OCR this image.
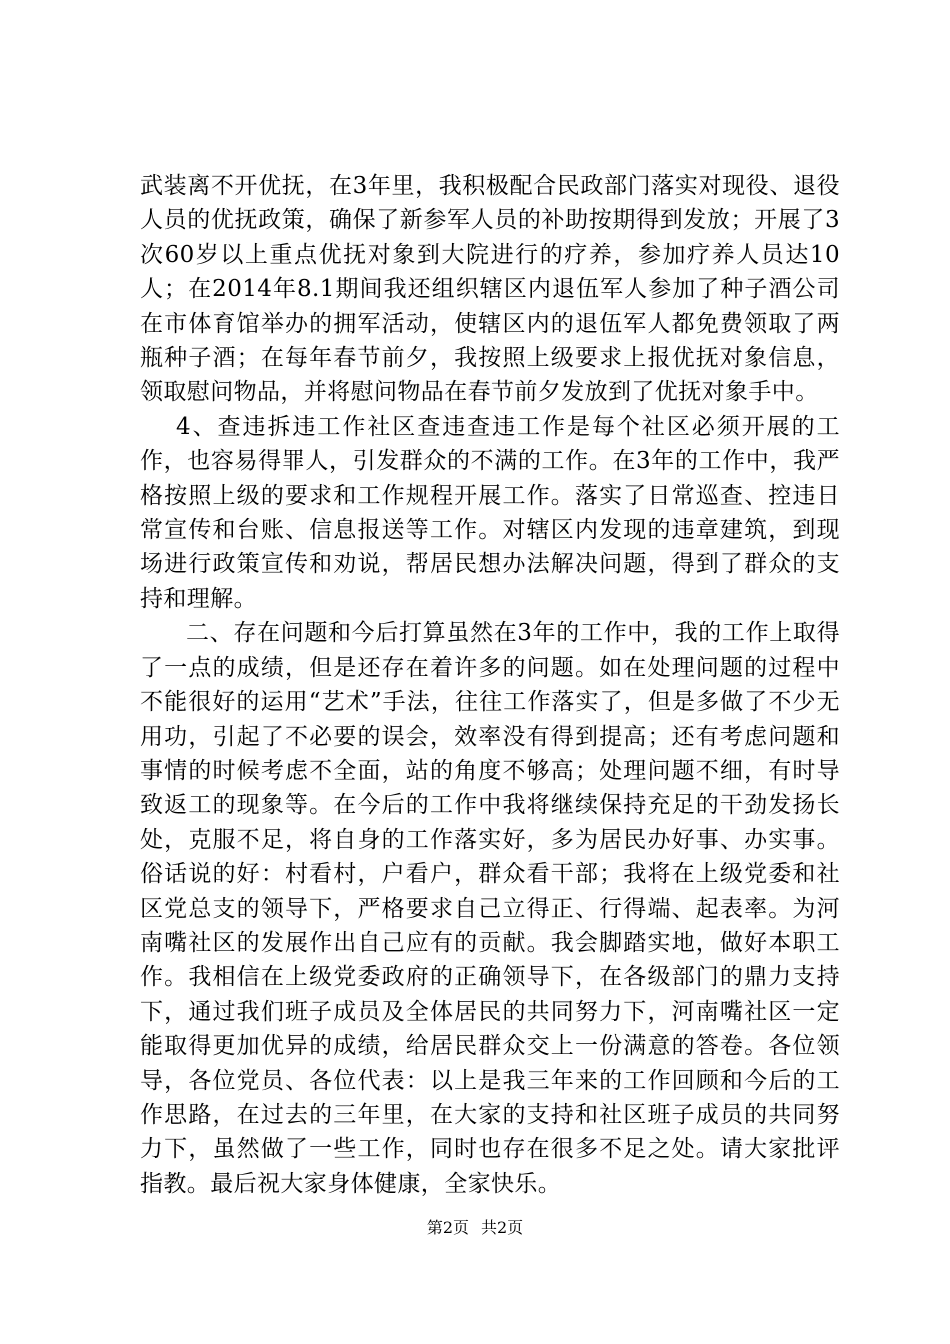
武装离不开优抚，在3年里，我积极配合民政部门落实对现役、退役人员的优抚政策，确保了新参军人员的补助按期得到发放；开展了3次60岁以上重点优抚对象到大院进行的疗养，参加疗养人员达10人；在2014年8.1期间我还组织辖区内退伍军人参加了种子酒公司在市体育馆举办的拥军活动，使辖区内的退伍军人都免费领取了两瓶种子酒；在每年春节前夕，我按照上级要求上报优抚对象信息，领取慰问物品，并将慰问物品在春节前夕发放到了优抚对象手中。

4、查违拆违工作社区查违查违工作是每个社区必须开展的工作，也容易得罪人，引发群众的不满的工作。在3年的工作中，我严格按照上级的要求和工作规程开展工作。落实了日常巡查、控违日常宣传和台账、信息报送等工作。对辖区内发现的违章建筑，到现场进行政策宣传和劝说，帮居民想办法解决问题，得到了群众的支持和理解。

二、存在问题和今后打算虽然在3年的工作中，我的工作上取得了一点的成绩，但是还存在着许多的问题。如在处理问题的过程中不能很好的运用“艺术”手法，往往工作落实了，但是多做了不少无用功，引起了不必要的误会，效率没有得到提高；还有考虑问题和事情的时候考虑不全面，站的角度不够高；处理问题不细，有时导致返工的现象等。在今后的工作中我将继续保持充足的干劲发扬长处，克服不足，将自身的工作落实好，多为居民办好事、办实事。俗话说的好：村看村，户看户，群众看干部；我将在上级党委和社区党总支的领导下，严格要求自己立得正、行得端、起表率。为河南嘴社区的发展作出自己应有的贡献。我会脚踏实地，做好本职工作。我相信在上级党委政府的正确领导下，在各级部门的鼎力支持下，通过我们班子成员及全体居民的共同努力下，河南嘴社区一定能取得更加优异的成绩，给居民群众交上一份满意的答卷。各位领导，各位党员、各位代表：以上是我三年来的工作回顾和今后的工作思路，在过去的三年里，在大家的支持和社区班子成员的共同努力下，虽然做了一些工作，同时也存在很多不足之处。请大家批评指教。最后祝大家身体健康，全家快乐。

第2页 共2页
